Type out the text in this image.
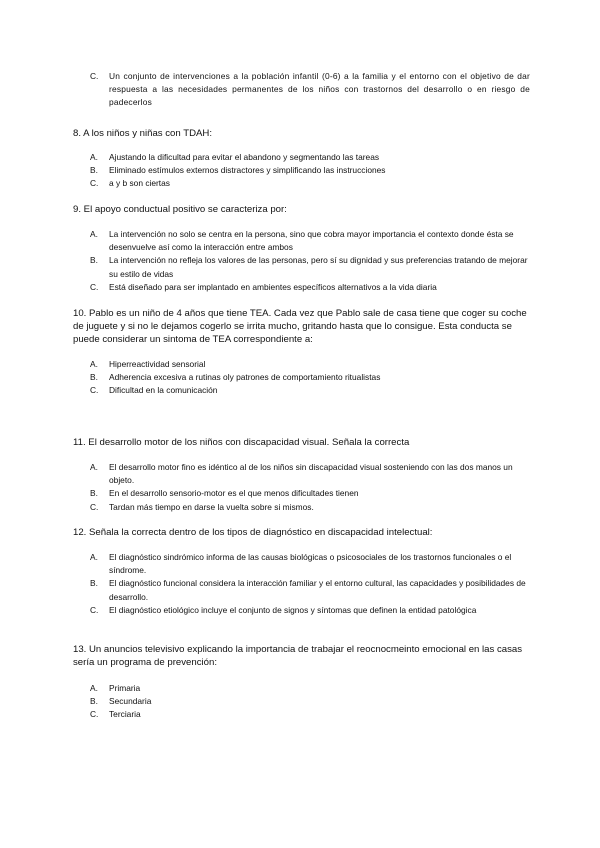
C.	Un conjunto de intervenciones a la población infantil (0-6) a la familia y el entorno con el objetivo de dar respuesta a las necesidades permanentes de los niños con trastornos del desarrollo o en riesgo de padecerlos
8. A los niños y niñas con TDAH:
A.	Ajustando la dificultad para evitar el abandono y segmentando las tareas
B.	Eliminado estímulos externos distractores y simplificando las instrucciones
C.	a y b son ciertas
9. El apoyo conductual positivo se caracteriza por:
A.	La intervención no solo se centra en la persona, sino que cobra mayor importancia el contexto donde ésta se desenvuelve así como la interacción entre ambos
B.	La intervención no refleja los valores de las personas, pero sí su dignidad y sus preferencias tratando de mejorar su estilo de vidas
C.	Está diseñado para ser implantado en ambientes específicos alternativos a la vida diaria
10. Pablo es un niño de 4 años que tiene TEA. Cada vez que Pablo sale de casa tiene que coger su coche de juguete y si no le dejamos cogerlo se irrita mucho, gritando hasta que lo consigue. Esta conducta se puede considerar un sintoma de TEA correspondiente a:
A.	Hiperreactividad sensorial
B.	Adherencia excesiva a rutinas oly patrones de comportamiento ritualistas
C.	Dificultad en la comunicación
11. El desarrollo motor de los niños con discapacidad visual. Señala la correcta
A.	El desarrollo motor fino es idéntico al de los niños sin discapacidad visual sosteniendo con las dos manos un objeto.
B.	En el desarrollo sensorio-motor es el que menos dificultades tienen
C.	Tardan más tiempo en darse la vuelta sobre si mismos.
12. Señala la correcta dentro de los tipos de diagnóstico en discapacidad intelectual:
A.	El diagnóstico sindrómico informa de las causas biológicas o psicosociales de los trastornos funcionales o el síndrome.
B.	El diagnóstico funcional considera la interacción familiar y el entorno cultural, las capacidades y posibilidades de desarrollo.
C.	El diagnóstico etiológico incluye el conjunto de signos y síntomas que definen la entidad patológica
13. Un anuncios televisivo explicando la importancia de trabajar el reocnocmeinto emocional en las casas sería un programa de prevención:
A.	Primaria
B.	Secundaria
C.	Terciaria
